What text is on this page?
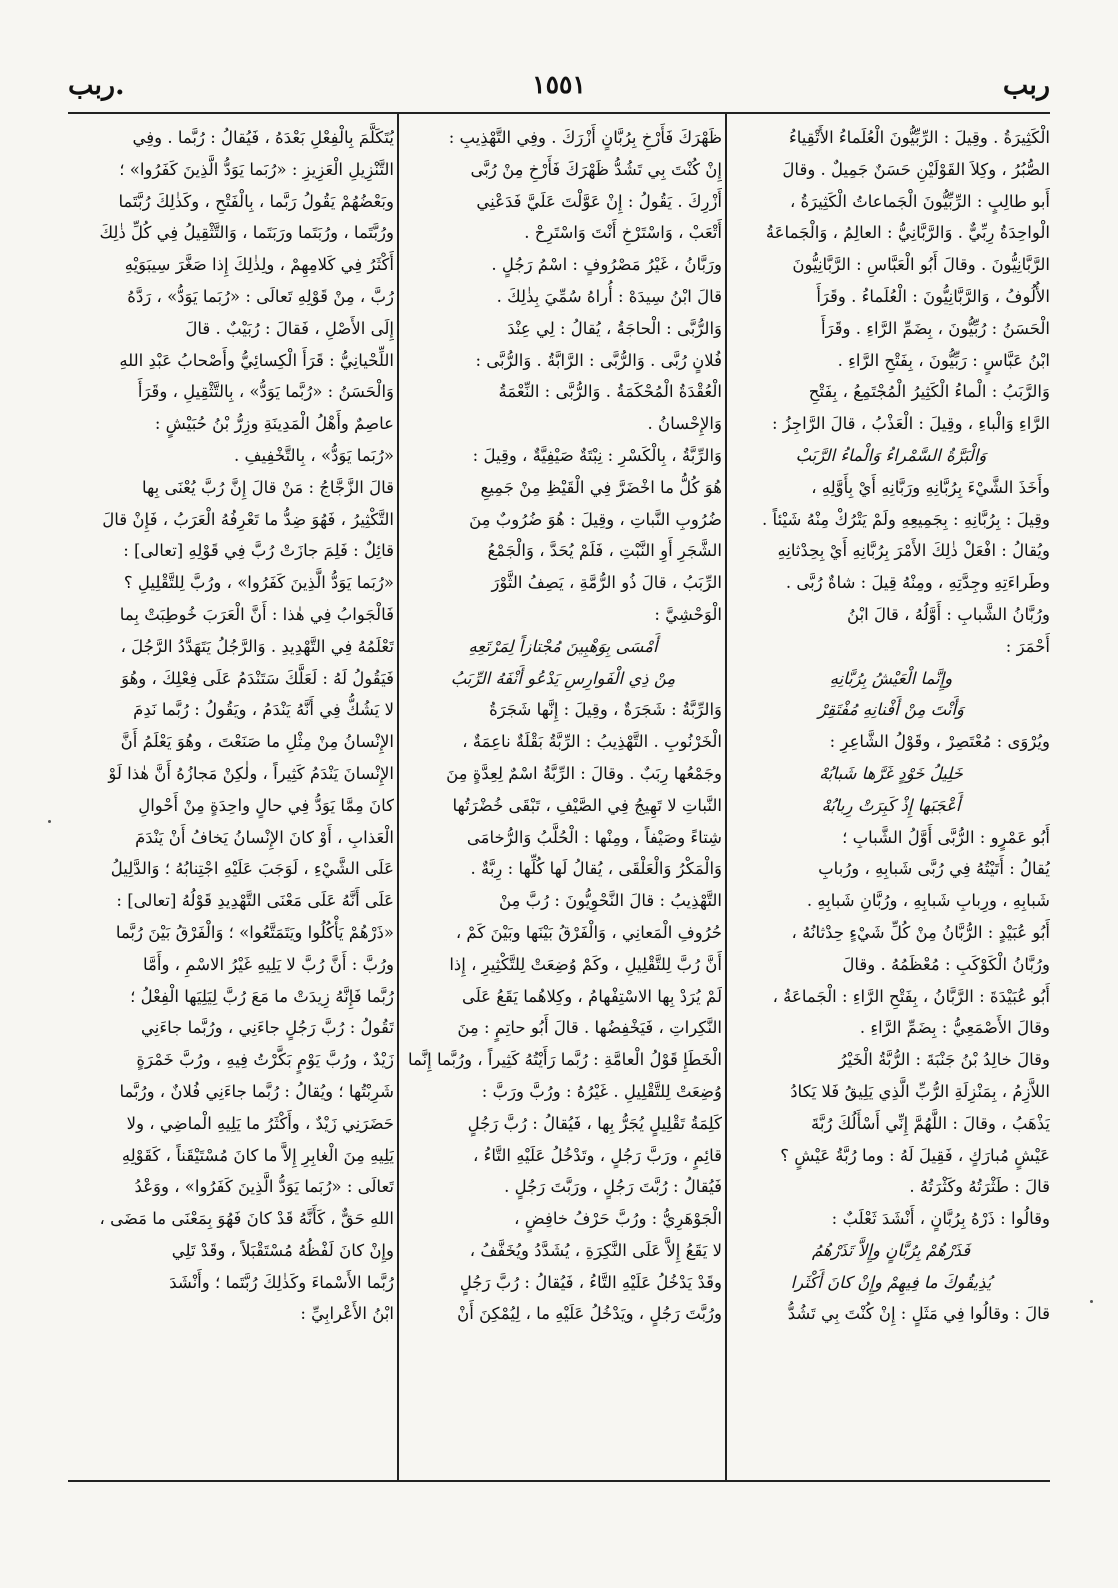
ربب
١٥٥١
.ربب

الْكَثِيرَةُ . وقِيلَ : الرِّبِّيُّونَ الْعُلَماءُ الأَتْقِياءُ

الصُّبُرُ ، وكِلاَ القَوْلَيْنِ حَسَنٌ جَمِيلٌ . وقالَ

أَبو طالِبٍ : الرِّبِّيُّونَ الْجَماعاتُ الْكَثِيرَةُ ،

الْواحِدَةُ رِبِّيٌّ . وَالرَّبَّانِيُّ : العالِمُ ، وَالْجَماعَةُ

الرَّبَّانِيُّونَ . وقالَ أَبُو الْعَبَّاسِ : الرَّبَّانِيُّونَ

الأُلُوفُ ، وَالرَّبَّانِيُّونَ : الْعُلَماءُ . وقَرَأَ

الْحَسَنُ : رُبِّيُّونَ ، بِضَمِّ الرَّاءِ . وقَرَأَ

ابْنُ عَبَّاسٍ : رَبِّيُّونَ ، بِفَتْحِ الرَّاءِ .

وَالرَّبَبُ : الْماءُ الْكَثِيرُ الْمُجْتَمِعُ ، بِفَتْحِ

الرَّاءِ وَالْباءِ ، وقِيلَ : الْعَذْبُ ، قالَ الرَّاجِزُ :

وَالْبَرَّةُ السَّمْراءُ وَالْماءُ الرَّبَبْ

وأَخَذَ الشَّيْءَ بِرُبَّانِهِ ورَبَّانِهِ أَيْ بِأَوَّلِهِ ،

وقِيلَ : بِرُبَّانِهِ : بِجَمِيعِهِ ولَمْ يَتْرُكْ مِنْهُ شَيْئاً .

ويُقالُ : افْعَلْ ذٰلِكَ الأَمْرَ بِرُبَّانِهِ أَيْ بِحِدْثانِهِ

وطَراءَتِهِ وجِدَّتِهِ ، ومِنْهُ قِيلَ : شاةٌ رُبَّى .

ورُبَّانُ الشَّبابِ : أَوَّلُهُ ، قالَ ابْنُ

أَحْمَرَ :

وإِنَّما الْعَيْشُ بِرُبَّانِهِ

وَأَنْتَ مِنْ أَفْنانِهِ مُفْتَقِرْ

ويُرْوَى : مُعْتَصِرْ ، وقَوْلُ الشَّاعِرِ :

خَلِيلُ خَوْدٍ غَرَّها شَبابُهْ

أَعْجَبَها إِذْ كَبِرَتْ رِبابُهْ

أَبُو عَمْرٍو : الرُّبَّى أَوَّلُ الشَّبابِ ؛

يُقالُ : أَتَيْتُهُ فِي رُبَّى شَبابِهِ ، ورُبابِ

شَبابِهِ ، ورِبابِ شَبابِهِ ، ورُبَّانِ شَبابِهِ .

أَبُو عُبَيْدٍ : الرُّبَّانُ مِنْ كُلِّ شَيْءٍ حِدْثانُهُ ،

ورُبَّانُ الْكَوْكَبِ : مُعْظَمُهُ . وقالَ

أَبُو عُبَيْدَةَ : الرَّبَّانُ ، بِفَتْحِ الرَّاءِ : الْجَماعَةُ ،

وقالَ الأَصْمَعِيُّ : بِضَمِّ الرَّاءِ .

وقالَ خالِدُ بْنُ جَنْبَةَ : الرُّبَّةُ الْخَيْرُ

اللاَّزِمُ ، بِمَنْزِلَةِ الرُّبِّ الَّذِي يَلِيقُ فَلا يَكادُ

يَذْهَبُ ، وقالَ : اللَّهُمَّ إِنِّي أَسْأَلُكَ رُبَّةَ

عَيْشٍ مُبارَكٍ ، فَقِيلَ لَهُ : وما رُبَّةُ عَيْشٍ ؟

قالَ : طَثْرَتُهُ وكَثْرَتُهُ .

وقالُوا : ذَرْهُ بِرُبَّانٍ ، أَنْشَدَ ثَعْلَبٌ :

فَذَرْهُمْ بِرُبَّانٍ وإِلاَّ تَذَرْهُمُ

يُذِيقُوكَ ما فِيهِمْ وإِنْ كانَ أَكْثَرا

قالَ : وقالُوا فِي مَثَلٍ : إِنْ كُنْتَ بِي تَشُدُّ

ظَهْرَكَ فَأَرْخِ بِرُبَّانٍ أَزْرَكَ . وفِي التَّهْذِيبِ :

إِنْ كُنْتَ بِي تَشُدُّ ظَهْرَكَ فَأَرْخِ مِنْ رُبَّى

أَزْرِكَ . يَقُولُ : إِنْ عَوَّلْتَ عَلَيَّ فَدَعْنِي

أَتْعَبْ ، وَاسْتَرْخِ أَنْتَ وَاسْتَرِحْ .

ورَبَّانُ ، غَيْرُ مَصْرُوفٍ : اسْمُ رَجُلٍ .

قالَ ابْنُ سِيدَهْ : أُراهُ سُمِّيَ بِذٰلِكَ .

وَالرُّبَّى : الْحاجَةُ ، يُقالُ : لِي عِنْدَ

فُلانٍ رُبَّى . وَالرُّبَّى : الرَّابَّةُ . وَالرُّبَّى :

الْعُقْدَةُ الْمُحْكَمَةُ . وَالرُّبَّى : النِّعْمَةُ

وَالإِحْسانُ .

وَالرِّبَّةُ ، بِالْكَسْرِ : نِبْتَةٌ صَيْفِيَّةٌ ، وقِيلَ :

هُوَ كُلُّ ما اخْضَرَّ فِي الْقَيْظِ مِنْ جَمِيعِ

ضُرُوبِ النَّباتِ ، وقِيلَ : هُوَ ضُرُوبٌ مِنَ

الشَّجَرِ أَوِ النَّبْتِ ، فَلَمْ يُحَدَّ ، وَالْجَمْعُ

الرِّبَبُ ، قالَ ذُو الرُّمَّةِ ، يَصِفُ الثَّوْرَ

الْوَحْشِيَّ :

أَمْسَى بِوَهْبِينَ مُجْتازاً لِمَرْتَعِهِ

مِنْ ذِي الْفَوارِسِ يَدْعُو أَنْفَهُ الرِّبَبُ

وَالرِّبَّةُ : شَجَرَةٌ ، وقِيلَ : إِنَّها شَجَرَةُ

الْخَرْنُوبِ . التَّهْذِيبُ : الرِّبَّةُ بَقْلَةٌ ناعِمَةٌ ،

وجَمْعُها رِبَبٌ . وقالَ : الرِّبَّةُ اسْمٌ لِعِدَّةٍ مِنَ

النَّباتِ لا تَهِيجُ فِي الصَّيْفِ ، تَبْقَى خُضْرَتُها

شِتاءً وصَيْفاً ، ومِنْها : الْحُلَّبُ وَالرُّخامَى

وَالْمَكْرُ وَالْعَلْقَى ، يُقالُ لَها كُلِّها : رِبَّةٌ .

التَّهْذِيبُ : قالَ النَّحْوِيُّونَ : رُبَّ مِنْ

حُرُوفِ الْمَعانِي ، وَالْفَرْقُ بَيْنَها وبَيْنَ كَمْ ،

أَنَّ رُبَّ لِلتَّقْلِيلِ ، وكَمْ وُضِعَتْ لِلتَّكْثِيرِ ، إِذا

لَمْ يُرَدْ بِها الاسْتِفْهامُ ، وكِلاهُما يَقَعُ عَلَى

النَّكِراتِ ، فَيَخْفِضُها . قالَ أَبُو حاتِمٍ : مِنَ

الْخَطَإِ قَوْلُ الْعامَّةِ : رُبَّما رَأَيْتُهُ كَثِيراً ، ورُبَّما إِنَّما

وُضِعَتْ لِلتَّقْلِيلِ . غَيْرُهُ : ورُبَّ ورَبَّ :

كَلِمَةُ تَقْلِيلٍ يُجَرُّ بِها ، فَيُقالُ : رُبَّ رَجُلٍ

قائِمٍ ، ورَبَّ رَجُلٍ ، وتَدْخُلُ عَلَيْهِ التَّاءُ ،

فَيُقالُ : رُبَّتَ رَجُلٍ ، ورَبَّتَ رَجُلٍ .

الْجَوْهَرِيُّ : ورُبَّ حَرْفُ خافِضٍ ،

لا يَقَعُ إِلاَّ عَلَى النَّكِرَةِ ، يُشَدَّدُ ويُخَفَّفُ ،

وقَدْ يَدْخُلُ عَلَيْهِ التَّاءُ ، فَيُقالُ : رُبَّ رَجُلٍ

ورُبَّتَ رَجُلٍ ، ويَدْخُلُ عَلَيْهِ ما ، لِيُمْكِنَ أَنْ

يُتَكَلَّمَ بِالْفِعْلِ بَعْدَهُ ، فَيُقالُ : رُبَّما . وفِي

التَّنْزِيلِ الْعَزِيزِ : «رُبَما يَوَدُّ الَّذِينَ كَفَرُوا» ؛

وبَعْضُهُمْ يَقُولُ رَبَّما ، بِالْفَتْحِ ، وكَذٰلِكَ رُبَّتَما

ورُبَّتَما ، ورُبَتَما ورَبَتَما ، وَالتَّثْقِيلُ فِي كُلِّ ذٰلِكَ

أَكْثَرُ فِي كَلامِهِمْ ، ولِذٰلِكَ إِذا صَغَّرَ سِيبَوَيْهِ

رُبَّ ، مِنْ قَوْلِهِ تَعالَى : «رُبَما يَوَدُّ» ، رَدَّهُ

إِلَى الأَصْلِ ، فَقالَ : رُبَيْبٌ . قالَ

اللِّحْيانِيُّ : قَرَأَ الْكِسائِيُّ وأَصْحابُ عَبْدِ اللهِ

وَالْحَسَنُ : «رُبَّما يَوَدُّ» ، بِالتَّثْقِيلِ ، وقَرَأَ

عاصِمٌ وأَهْلُ الْمَدِينَةِ وزِرُّ بْنُ حُبَيْشٍ :

«رُبَما يَوَدُّ» ، بِالتَّخْفِيفِ .

قالَ الزَّجَّاجُ : مَنْ قالَ إِنَّ رُبَّ يُعْنَى بِها

التَّكْثِيرُ ، فَهُوَ ضِدُّ ما تَعْرِفُهُ الْعَرَبُ ، فَإِنْ قالَ

قائِلٌ : فَلِمَ جازَتْ رُبَّ فِي قَوْلِهِ [تعالى] :

«رُبَما يَوَدُّ الَّذِينَ كَفَرُوا» ، ورُبَّ لِلتَّقْلِيلِ ؟

فَالْجَوابُ فِي هٰذا : أَنَّ الْعَرَبَ خُوطِبَتْ بِما

تَعْلَمُهُ فِي التَّهْدِيدِ . وَالرَّجُلُ يَتَهَدَّدُ الرَّجُلَ ،

فَيَقُولُ لَهُ : لَعَلَّكَ سَتَنْدَمُ عَلَى فِعْلِكَ ، وهُوَ

لا يَشُكُّ فِي أَنَّهُ يَنْدَمُ ، ويَقُولُ : رُبَّما نَدِمَ

الإِنْسانُ مِنْ مِثْلِ ما صَنَعْتَ ، وهُوَ يَعْلَمُ أَنَّ

الإِنْسانَ يَنْدَمُ كَثِيراً ، ولٰكِنْ مَجازُهُ أَنَّ هٰذا لَوْ

كانَ مِمَّا يَوَدُّ فِي حالٍ واحِدَةٍ مِنْ أَحْوالِ

الْعَذابِ ، أَوْ كانَ الإِنْسانُ يَخافُ أَنْ يَنْدَمَ

عَلَى الشَّيْءِ ، لَوَجَبَ عَلَيْهِ اجْتِنابُهُ ؛ وَالدَّلِيلُ

عَلَى أَنَّهُ عَلَى مَعْنَى التَّهْدِيدِ قَوْلُهُ [تعالى] :

«ذَرْهُمْ يَأْكُلُوا ويَتَمَتَّعُوا» ؛ وَالْفَرْقُ بَيْنَ رُبَّما

ورُبَّ : أَنَّ رُبَّ لا يَلِيهِ غَيْرُ الاسْمِ ، وأَمَّا

رُبَّما فَإِنَّهُ زِيدَتْ ما مَعَ رُبَّ لِيَلِيَها الْفِعْلُ ؛

تَقُولُ : رُبَّ رَجُلٍ جاءَنِي ، ورُبَّما جاءَنِي

زَيْدٌ ، ورُبَّ يَوْمٍ بَكَّرْتُ فِيهِ ، ورُبَّ خَمْرَةٍ

شَرِبْتُها ؛ ويُقالُ : رُبَّما جاءَنِي فُلانٌ ، ورُبَّما

حَضَرَنِي زَيْدٌ ، وأَكْثَرُ ما يَلِيهِ الْماضِي ، ولا

يَلِيهِ مِنَ الْغابِرِ إِلاَّ ما كانَ مُسْتَيْقَناً ، كَقَوْلِهِ

تَعالَى : «رُبَما يَوَدُّ الَّذِينَ كَفَرُوا» ، ووَعْدُ

اللهِ حَقٌّ ، كَأَنَّهُ قَدْ كانَ فَهُوَ بِمَعْنَى ما مَضَى ،

وإِنْ كانَ لَفْظُهُ مُسْتَقْبَلاً ، وقَدْ تَلِي

رُبَّما الأَسْماءَ وكَذٰلِكَ رُبَّتَما ؛ وأَنْشَدَ

ابْنُ الأَعْرابِيِّ :
